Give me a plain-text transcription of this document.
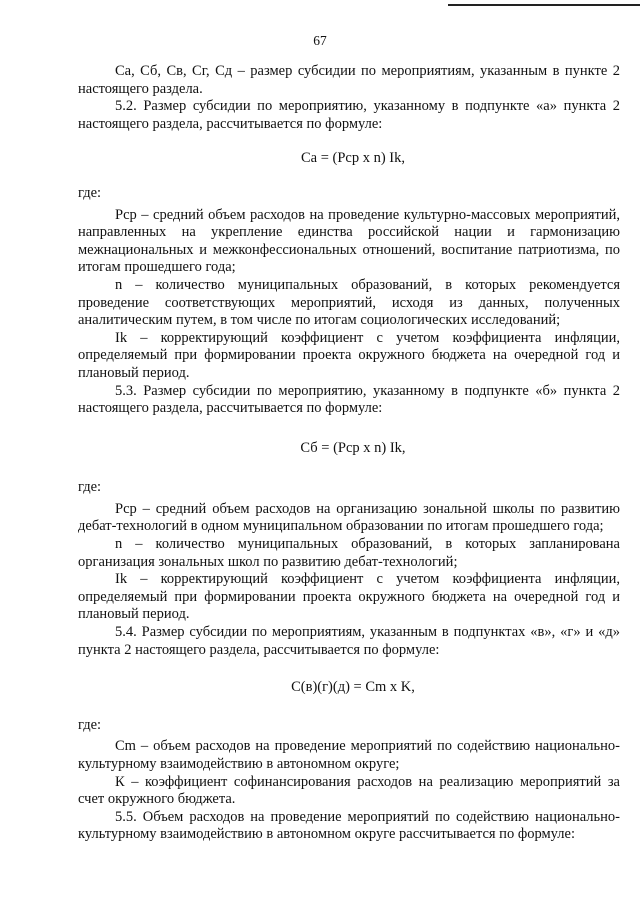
67

Са, Сб, Св, Сг, Сд – размер субсидии по мероприятиям, указанным в пункте 2 настоящего раздела.

5.2. Размер субсидии по мероприятию, указанному в подпункте «а» пункта 2 настоящего раздела, рассчитывается по формуле:

Са = (Рср х n) Ik,

где:

Рср – средний объем расходов на проведение культурно-массовых мероприятий, направленных на укрепление единства российской нации и гармонизацию межнациональных и межконфессиональных отношений, воспитание патриотизма, по итогам прошедшего года;

n – количество муниципальных образований, в которых рекомендуется проведение соответствующих мероприятий, исходя из данных, полученных аналитическим путем, в том числе по итогам социологических исследований;

Ik – корректирующий коэффициент с учетом коэффициента инфляции, определяемый при формировании проекта окружного бюджета на очередной год и плановый период.

5.3. Размер субсидии по мероприятию, указанному в подпункте «б» пункта 2 настоящего раздела, рассчитывается по формуле:

Сб = (Рср х n) Ik,

где:

Рср – средний объем расходов на организацию зональной школы по развитию дебат-технологий в одном муниципальном образовании по итогам прошедшего года;

n – количество муниципальных образований, в которых запланирована организация зональных школ по развитию дебат-технологий;

Ik – корректирующий коэффициент с учетом коэффициента инфляции, определяемый при формировании проекта окружного бюджета на очередной год и плановый период.

5.4. Размер субсидии по мероприятиям, указанным в подпунктах «в», «г» и «д» пункта 2 настоящего раздела, рассчитывается по формуле:

С(в)(г)(д) = Cm х K,

где:

Cm – объем расходов на проведение мероприятий по содействию национально-культурному взаимодействию в автономном округе;

К – коэффициент софинансирования расходов на реализацию мероприятий за счет окружного бюджета.

5.5. Объем расходов на проведение мероприятий по содействию национально-культурному взаимодействию в автономном округе рассчитывается по формуле:
